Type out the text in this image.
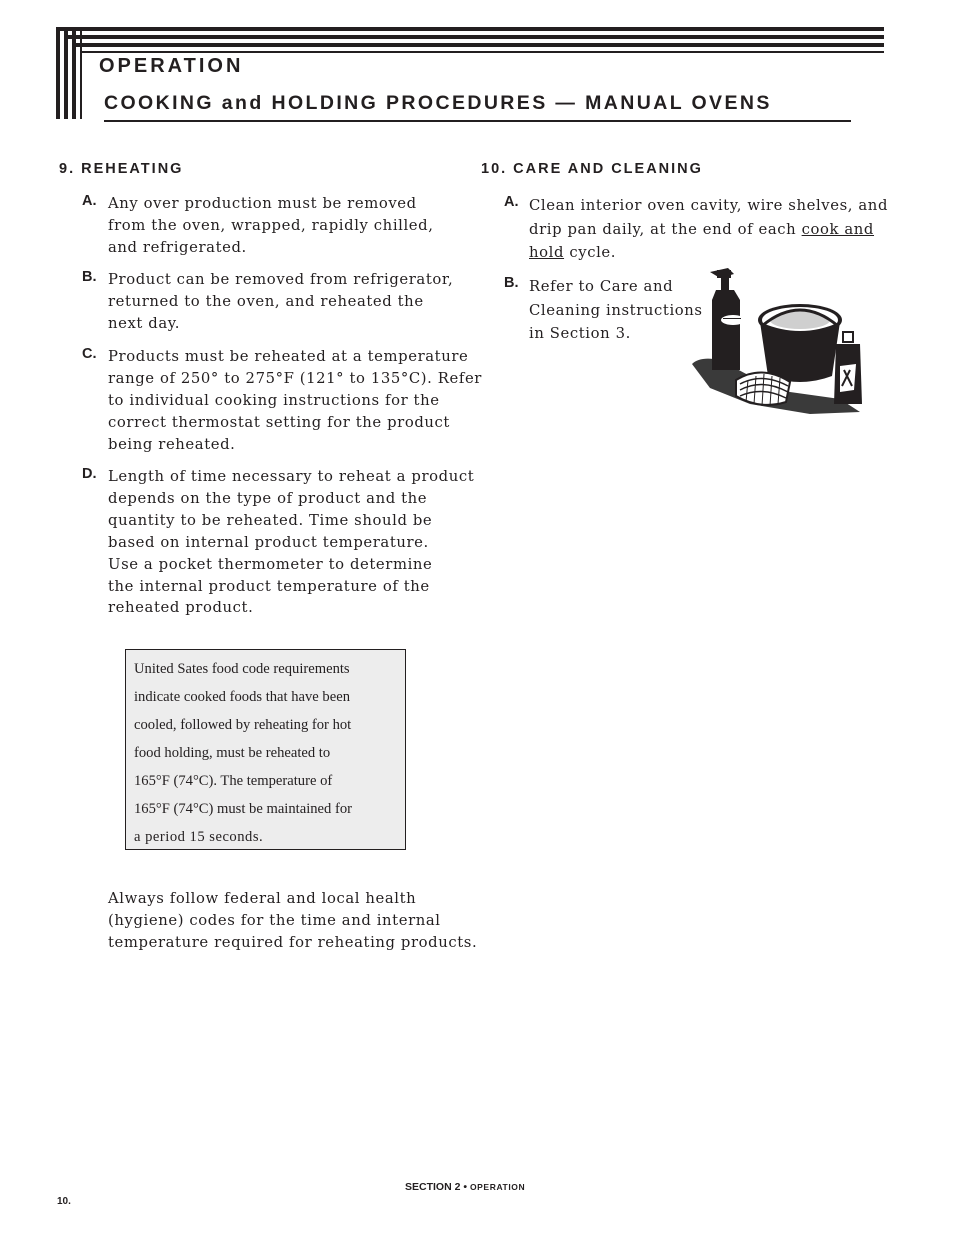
OPERATION
COOKING and HOLDING PROCEDURES — MANUAL OVENS
9. REHEATING
A. Any over production must be removed
from the oven, wrapped, rapidly chilled,
and refrigerated.

B. Product can be removed from refrigerator,
returned to the oven, and reheated the
next day.

C. Products must be reheated at a temperature
range of 250° to 275°F (121° to 135°C). Refer
to individual cooking instructions for the
correct thermostat setting for the product
being reheated.

D. Length of time necessary to reheat a product
depends on the type of product and the
quantity to be reheated. Time should be
based on internal product temperature.
Use a pocket thermometer to determine
the internal product temperature of the
reheated product.

United Sates food code requirements
indicate cooked foods that have been
cooled, followed by reheating for hot
food holding, must be reheated to
165°F (74°C). The temperature of
165°F (74°C) must be maintained for
a period 15 seconds.

Always follow federal and local health
(hygiene) codes for the time and internal
temperature required for reheating products.

10. CARE AND CLEANING
A. Clean interior oven cavity, wire shelves, and
drip pan daily, at the end of each cook and
hold cycle.

B. Refer to Care and
Cleaning instructions
in Section 3.

SECTION 2 • OPERATION

10.
